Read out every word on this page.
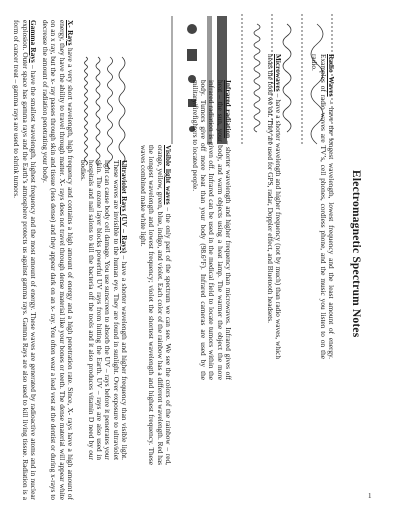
Electromagnetic Spectrum Notes
Radio Waves – have the longest wavelength, lowest frequency and the least amount of energy. Examples of radio waves are TV’s, cell phones, cordless phone, and the music you listen to on the radio.
Microwaves – have a shorter wavelength and higher frequency (not by much) than radio waves, which heats the food we eat. They are used for GPS, radar, Doppler effect, and Bluetooth headsets.
Infrared radiation – shorter wavelength and higher frequency than microwaves. Infrared gives off heat – the sun, your body, and warm objects using a heat lamp. The warmer the object the more infrared radiation is given off. Infrared can be used in the medical field to locate tumors within the body. Tumors give off more heat than your body (98.6°F). Infrared cameras are used by the military/firefighters to located people.
Visible light waves – the only part of the spectrum we can see. We see the colors of the rainbow – red, orange, yellow, green, blue, indigo, and violet. Each color of the rainbow has a different wavelength. Red has the longest wavelength and lowest frequency; violet the shortest wavelength and highest frequency. These waves combined make white light.
Ultraviolet Rays (UV – Rays) – have a shorter wavelength and higher frequency than visible light. These waves are invisible to the human eye. They are found in sunlight. Over exposure to ultraviolet light can cause body cell damage. You use sunscreen to absorb the UV – rays before it penetrates your skin. The ozone layer blocks powerful UV rays from hitting the Earth. UV – rays are also used in hospitals and nail salons to kill the bacteria off the tools and it also produces vitamin D need by our bodies.
X- Rays have a very short wavelength, high frequency and contains a high amount of energy and a high penetration rate. Since, X- rays have a high amount of energy, they have the ability to travel through matter. X- rays does not travel through dense material like your bones or teeth. The dense material will appear white on an x ray, but the x- ray passes through skin and tissue (less dense) and they appear dark on an x- ray. You often wear a lead vest at the dentist or during x-rays to decrease the amount of radiation penetrating your body.
Gamma Rays – have the smallest wavelength, highest frequency and the most amount of energy. These waves are generated by radioactive atoms and in nuclear explosion. Outer space has gamma rays and the Earth’s atmosphere protects us against gamma rays. Gamma Rays are also used to kill living tissue. Radiation is a form of cancer treat – gamma rays are used to shrink tumors.
1
